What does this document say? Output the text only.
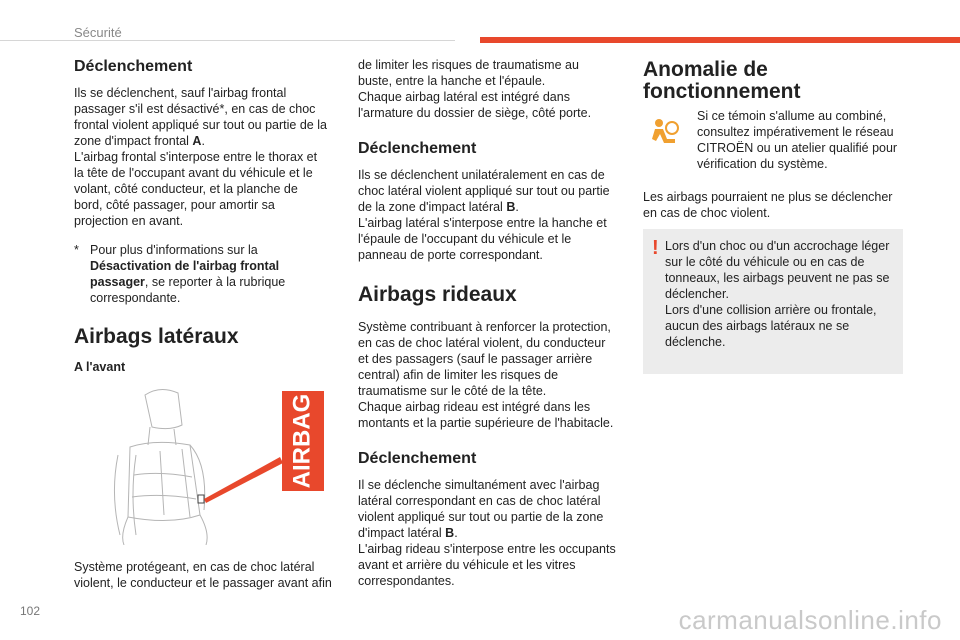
Sécurité

Déclenchement

Ils se déclenchent, sauf l'airbag frontal passager s'il est désactivé*, en cas de choc frontal violent appliqué sur tout ou partie de la zone d'impact frontal A.

L'airbag frontal s'interpose entre le thorax et la tête de l'occupant avant du véhicule et le volant, côté conducteur, et la planche de bord, côté passager, pour amortir sa projection en avant.

* Pour plus d'informations sur la Désactivation de l'airbag frontal passager, se reporter à la rubrique correspondante.
Airbags latéraux
A l'avant
AIRBAG
Système protégeant, en cas de choc latéral violent, le conducteur et le passager avant afin

de limiter les risques de traumatisme au buste, entre la hanche et l'épaule.

Chaque airbag latéral est intégré dans l'armature du dossier de siège, côté porte.

Déclenchement

Ils se déclenchent unilatéralement en cas de choc latéral violent appliqué sur tout ou partie de la zone d'impact latéral B.

L'airbag latéral s'interpose entre la hanche et l'épaule de l'occupant du véhicule et le panneau de porte correspondant.

Airbags rideaux

Système contribuant à renforcer la protection, en cas de choc latéral violent, du conducteur et des passagers (sauf le passager arrière central) afin de limiter les risques de traumatisme sur le côté de la tête.

Chaque airbag rideau est intégré dans les montants et la partie supérieure de l'habitacle.

Déclenchement

Il se déclenche simultanément avec l'airbag latéral correspondant en cas de choc latéral violent appliqué sur tout ou partie de la zone d'impact latéral B.

L'airbag rideau s'interpose entre les occupants avant et arrière du véhicule et les vitres correspondantes.

Anomalie de fonctionnement
Si ce témoin s'allume au combiné, consultez impérativement le réseau CITROËN ou un atelier qualifié pour vérification du système.
Les airbags pourraient ne plus se déclencher en cas de choc violent.
! Lors d'un choc ou d'un accrochage léger sur le côté du véhicule ou en cas de tonneaux, les airbags peuvent ne pas se déclencher.

Lors d'une collision arrière ou frontale, aucun des airbags latéraux ne se déclenche.

102	carmanualsonline.info
